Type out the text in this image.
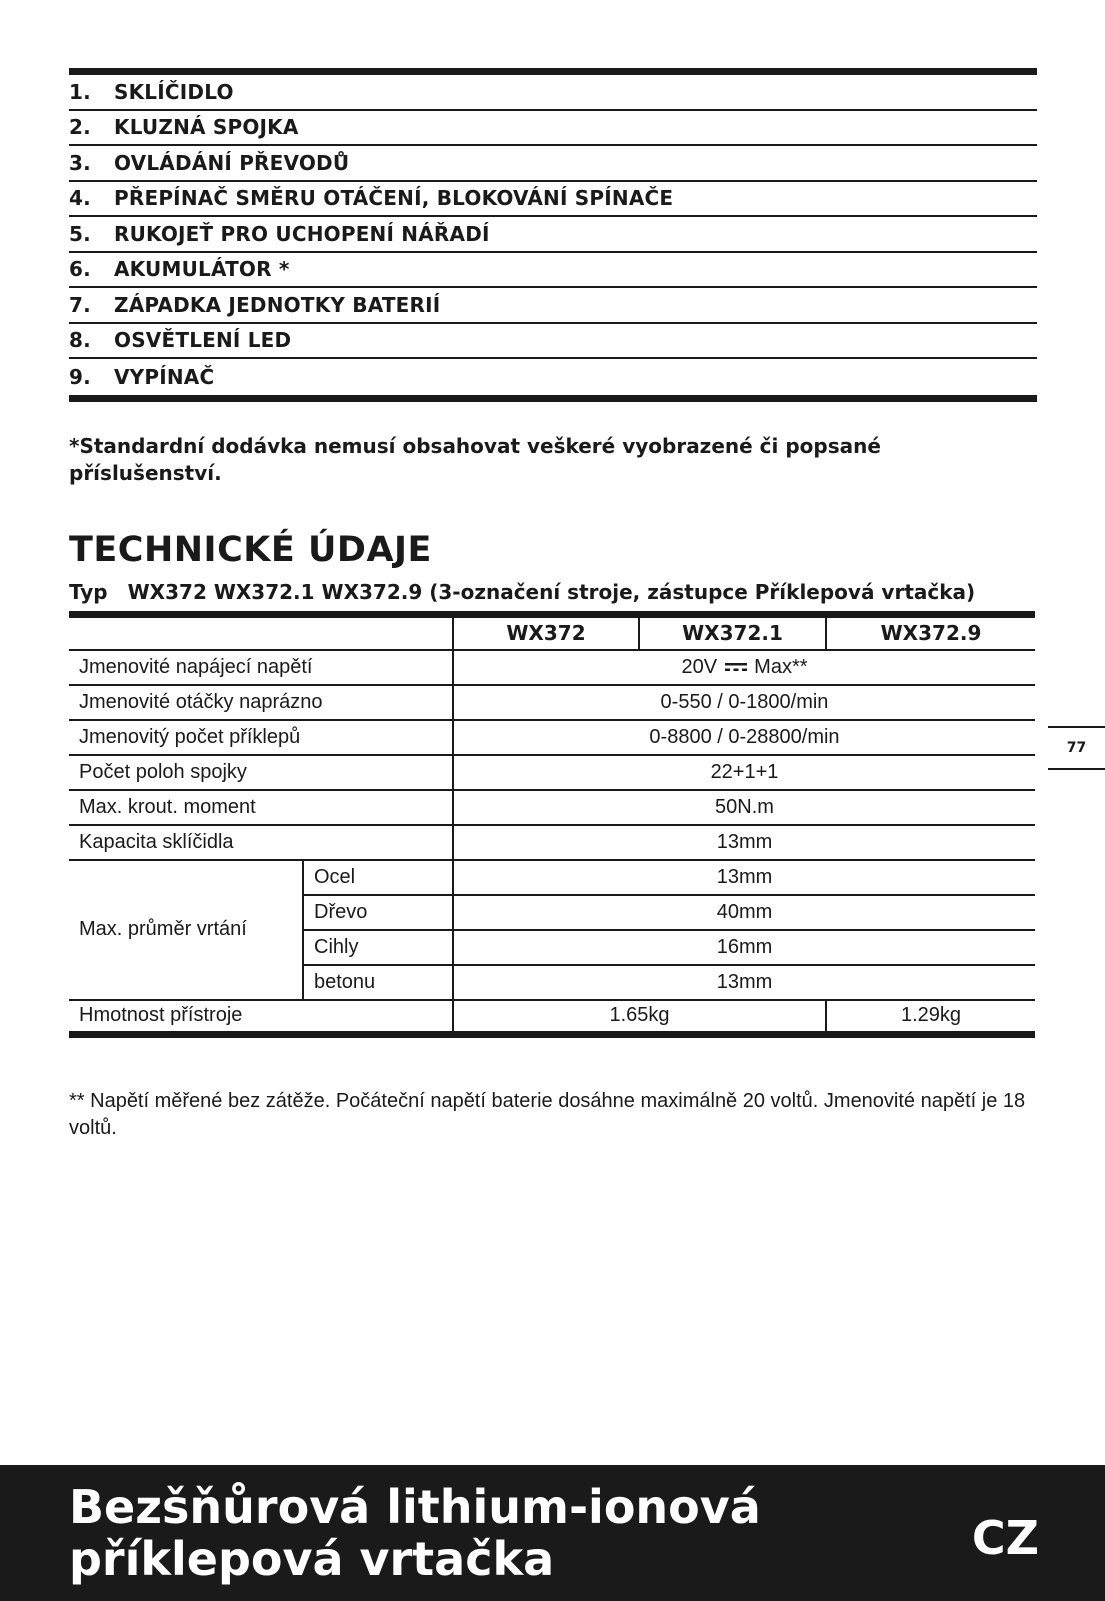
1.	SKLÍČIDLO
2.	KLUZNÁ SPOJKA
3.	OVLÁDÁNÍ PŘEVODŮ
4.	PŘEPÍNAČ SMĚRU OTÁČENÍ, BLOKOVÁNÍ SPÍNAČE
5.	RUKOJEŤ PRO UCHOPENÍ NÁŘADÍ
6.	AKUMULÁTOR *
7.	ZÁPADKA JEDNOTKY BATERIÍ
8.	OSVĚTLENÍ LED
9.	VYPÍNAČ
*Standardní dodávka nemusí obsahovat veškeré vyobrazené či popsané příslušenství.
TECHNICKÉ ÚDAJE
Typ WX372 WX372.1 WX372.9 (3-označení stroje, zástupce Příklepová vrtačka)
		WX372	WX372.1	WX372.9
Jmenovité napájecí napětí		20V Max**		
Jmenovité otáčky naprázno		0-550 / 0-1800/min		
Jmenovitý počet příklepů		0-8800 / 0-28800/min		
Počet poloh spojky		22+1+1		
Max. krout. moment		50N.m		
Kapacita sklíčidla		13mm		
Max. průměr vrtání	Ocel	13mm		
	Dřevo	40mm		
	Cihly	16mm		
	betonu	13mm		
Hmotnost přístroje		1.65kg		1.29kg
** Napětí měřené bez zátěže. Počáteční napětí baterie dosáhne maximálně 20 voltů. Jmenovité napětí je 18 voltů.
77
Bezšňůrová lithium-ionová
příklepová vrtačka	CZ
